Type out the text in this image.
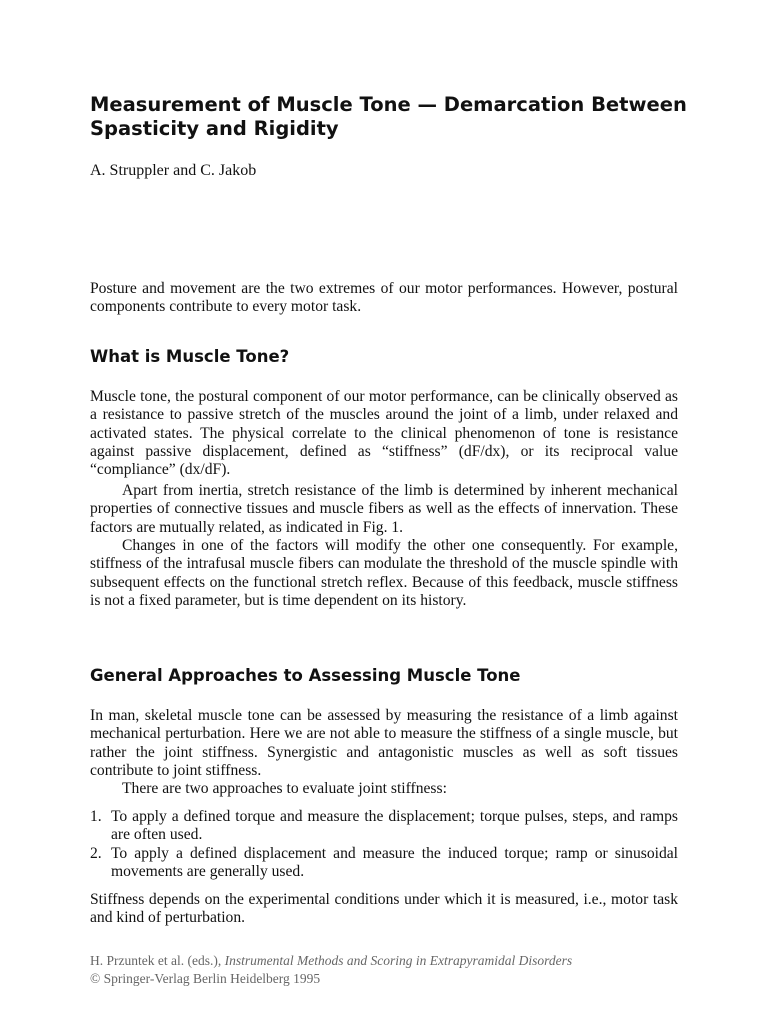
Measurement of Muscle Tone — Demarcation Between Spasticity and Rigidity

A. Struppler and C. Jakob

Posture and movement are the two extremes of our motor performances. However, postural components contribute to every motor task.

What is Muscle Tone?

Muscle tone, the postural component of our motor performance, can be clinically observed as a resistance to passive stretch of the muscles around the joint of a limb, under relaxed and activated states. The physical correlate to the clinical phenomenon of tone is resistance against passive displacement, defined as “stiffness” (dF/dx), or its reciprocal value “compliance” (dx/dF).

Apart from inertia, stretch resistance of the limb is determined by inherent mechanical properties of connective tissues and muscle fibers as well as the effects of innervation. These factors are mutually related, as indicated in Fig. 1.

Changes in one of the factors will modify the other one consequently. For example, stiffness of the intrafusal muscle fibers can modulate the threshold of the muscle spindle with subsequent effects on the functional stretch reflex. Because of this feedback, muscle stiffness is not a fixed parameter, but is time dependent on its history.

General Approaches to Assessing Muscle Tone

In man, skeletal muscle tone can be assessed by measuring the resistance of a limb against mechanical perturbation. Here we are not able to measure the stiffness of a single muscle, but rather the joint stiffness. Synergistic and antagonistic muscles as well as soft tissues contribute to joint stiffness.

There are two approaches to evaluate joint stiffness:

1. To apply a defined torque and measure the displacement; torque pulses, steps, and ramps are often used.
2. To apply a defined displacement and measure the induced torque; ramp or sinusoidal movements are generally used.

Stiffness depends on the experimental conditions under which it is measured, i.e., motor task and kind of perturbation.

H. Przuntek et al. (eds.), Instrumental Methods and Scoring in Extrapyramidal Disorders
© Springer-Verlag Berlin Heidelberg 1995
